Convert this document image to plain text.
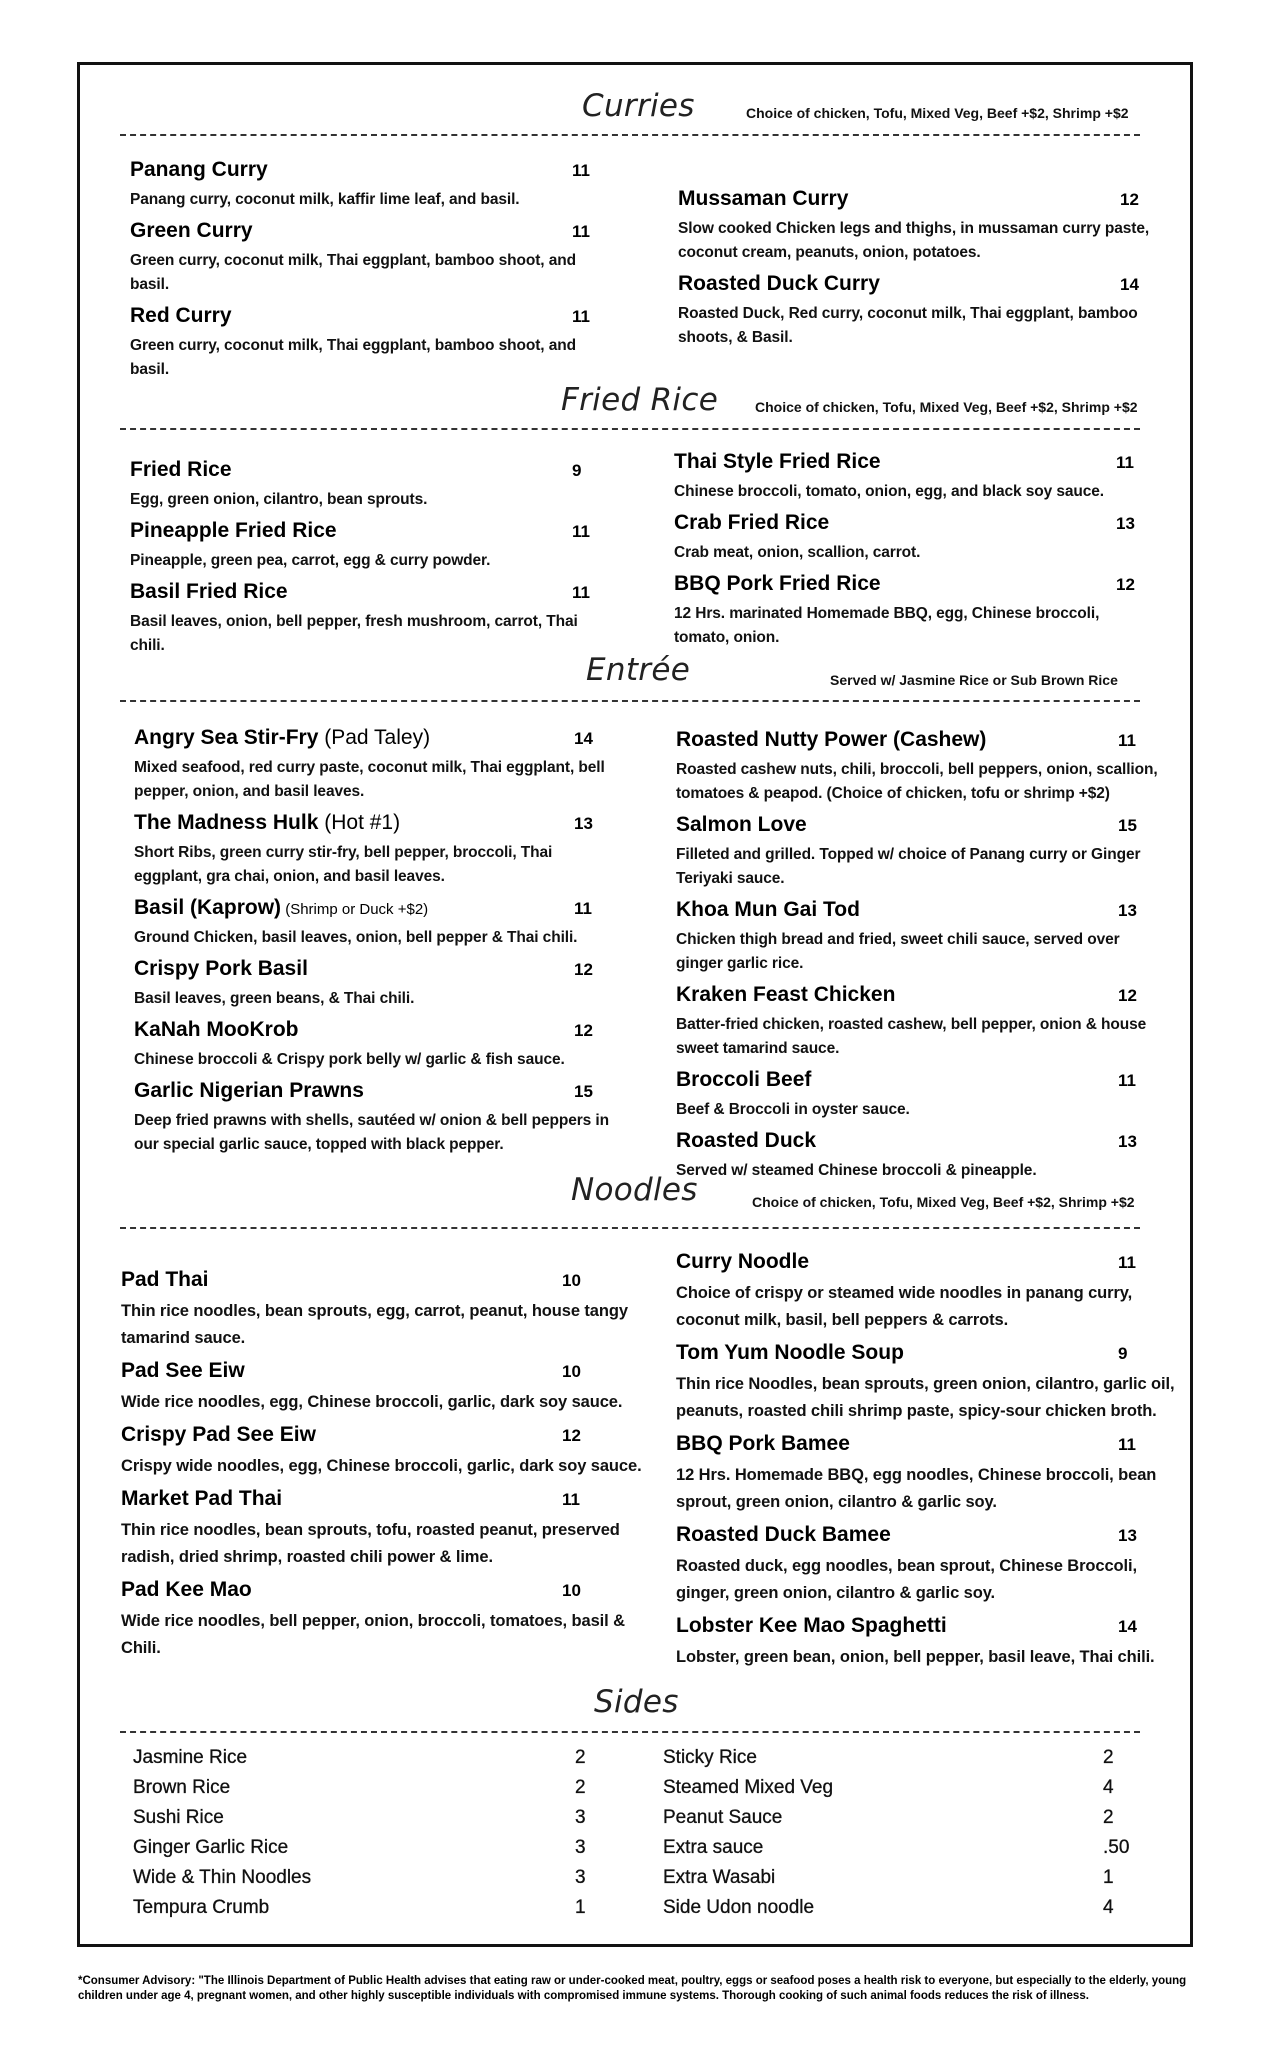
Curries	Choice of chicken, Tofu, Mixed Veg, Beef +$2, Shrimp +$2
Panang Curry	11
Panang curry, coconut milk, kaffir lime leaf, and basil.
Green Curry	11
Green curry, coconut milk, Thai eggplant, bamboo shoot, and basil.
Red Curry	11
Green curry, coconut milk, Thai eggplant, bamboo shoot, and basil.
Mussaman Curry	12
Slow cooked Chicken legs and thighs, in mussaman curry paste, coconut cream, peanuts, onion, potatoes.
Roasted Duck Curry	14
Roasted Duck, Red curry, coconut milk, Thai eggplant, bamboo shoots, & Basil.
Fried Rice	Choice of chicken, Tofu, Mixed Veg, Beef +$2, Shrimp +$2
Fried Rice	9
Egg, green onion, cilantro, bean sprouts.
Pineapple Fried Rice	11
Pineapple, green pea, carrot, egg & curry powder.
Basil Fried Rice	11
Basil leaves, onion, bell pepper, fresh mushroom, carrot, Thai chili.
Thai Style Fried Rice	11
Chinese broccoli, tomato, onion, egg, and black soy sauce.
Crab Fried Rice	13
Crab meat, onion, scallion, carrot.
BBQ Pork Fried Rice	12
12 Hrs. marinated Homemade BBQ, egg, Chinese broccoli, tomato, onion.
Entrée	Served w/ Jasmine Rice or Sub Brown Rice
Angry Sea Stir-Fry (Pad Taley)	14
Mixed seafood, red curry paste, coconut milk, Thai eggplant, bell pepper, onion, and basil leaves.
The Madness Hulk (Hot #1)	13
Short Ribs, green curry stir-fry, bell pepper, broccoli, Thai eggplant, gra chai, onion, and basil leaves.
Basil (Kaprow) (Shrimp or Duck +$2)	11
Ground Chicken, basil leaves, onion, bell pepper & Thai chili.
Crispy Pork Basil	12
Basil leaves, green beans, & Thai chili.
KaNah MooKrob	12
Chinese broccoli & Crispy pork belly w/ garlic & fish sauce.
Garlic Nigerian Prawns	15
Deep fried prawns with shells, sautéed w/ onion & bell peppers in our special garlic sauce, topped with black pepper.
Roasted Nutty Power (Cashew)	11
Roasted cashew nuts, chili, broccoli, bell peppers, onion, scallion, tomatoes & peapod. (Choice of chicken, tofu or shrimp +$2)
Salmon Love	15
Filleted and grilled. Topped w/ choice of Panang curry or Ginger Teriyaki sauce.
Khoa Mun Gai Tod	13
Chicken thigh bread and fried, sweet chili sauce, served over ginger garlic rice.
Kraken Feast Chicken	12
Batter-fried chicken, roasted cashew, bell pepper, onion & house sweet tamarind sauce.
Broccoli Beef	11
Beef & Broccoli in oyster sauce.
Roasted Duck	13
Served w/ steamed Chinese broccoli & pineapple.
Noodles	Choice of chicken, Tofu, Mixed Veg, Beef +$2, Shrimp +$2
Pad Thai	10
Thin rice noodles, bean sprouts, egg, carrot, peanut, house tangy tamarind sauce.
Pad See Eiw	10
Wide rice noodles, egg, Chinese broccoli, garlic, dark soy sauce.
Crispy Pad See Eiw	12
Crispy wide noodles, egg, Chinese broccoli, garlic, dark soy sauce.
Market Pad Thai	11
Thin rice noodles, bean sprouts, tofu, roasted peanut, preserved radish, dried shrimp, roasted chili power & lime.
Pad Kee Mao	10
Wide rice noodles, bell pepper, onion, broccoli, tomatoes, basil & Chili.
Curry Noodle	11
Choice of crispy or steamed wide noodles in panang curry, coconut milk, basil, bell peppers & carrots.
Tom Yum Noodle Soup	9
Thin rice Noodles, bean sprouts, green onion, cilantro, garlic oil, peanuts, roasted chili shrimp paste, spicy-sour chicken broth.
BBQ Pork Bamee	11
12 Hrs. Homemade BBQ, egg noodles, Chinese broccoli, bean sprout, green onion, cilantro & garlic soy.
Roasted Duck Bamee	13
Roasted duck, egg noodles, bean sprout, Chinese Broccoli, ginger, green onion, cilantro & garlic soy.
Lobster Kee Mao Spaghetti	14
Lobster, green bean, onion, bell pepper, basil leave, Thai chili.
Sides
Jasmine Rice	2
Brown Rice	2
Sushi Rice	3
Ginger Garlic Rice	3
Wide & Thin Noodles	3
Tempura Crumb	1
Sticky Rice	2
Steamed Mixed Veg	4
Peanut Sauce	2
Extra sauce	.50
Extra Wasabi	1
Side Udon noodle	4
*Consumer Advisory: "The Illinois Department of Public Health advises that eating raw or under-cooked meat, poultry, eggs or seafood poses a health risk to everyone, but especially to the elderly, young children under age 4, pregnant women, and other highly susceptible individuals with compromised immune systems. Thorough cooking of such animal foods reduces the risk of illness.
